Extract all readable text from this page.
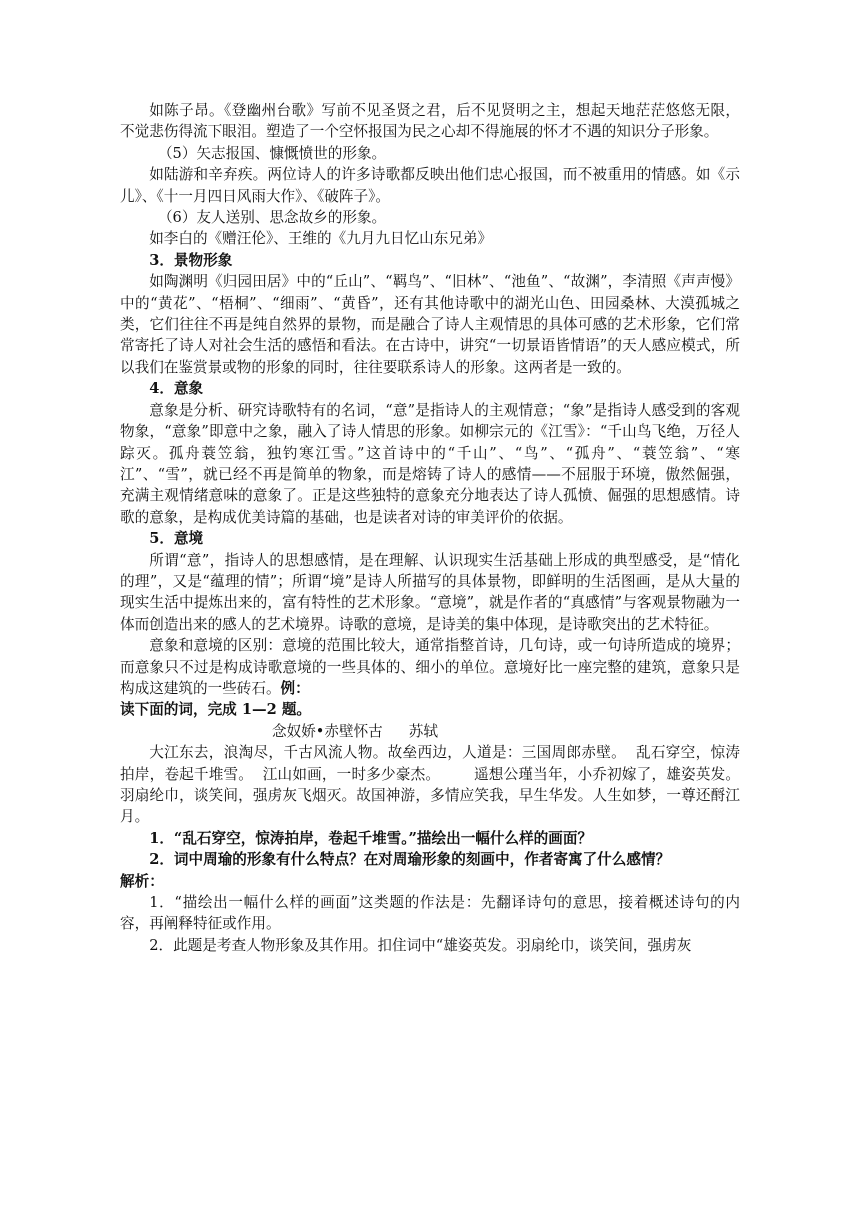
如陈子昂。《登幽州台歌》写前不见圣贤之君，后不见贤明之主，想起天地茫茫悠悠无限，不觉悲伤得流下眼泪。塑造了一个空怀报国为民之心却不得施展的怀才不遇的知识分子形象。

（5）矢志报国、慷慨愤世的形象。

如陆游和辛弃疾。两位诗人的许多诗歌都反映出他们忠心报国，而不被重用的情感。如《示儿》、《十一月四日风雨大作》、《破阵子》。

（6）友人送别、思念故乡的形象。

如李白的《赠汪伦》、王维的《九月九日忆山东兄弟》

3．景物形象

如陶渊明《归园田居》中的“丘山”、“羁鸟”、“旧林”、“池鱼”、“故渊”，李清照《声声慢》中的“黄花”、“梧桐”、“细雨”、“黄昏”，还有其他诗歌中的湖光山色、田园桑林、大漠孤城之类，它们往往不再是纯自然界的景物，而是融合了诗人主观情思的具体可感的艺术形象，它们常常寄托了诗人对社会生活的感悟和看法。在古诗中，讲究“一切景语皆情语”的天人感应模式，所以我们在鉴赏景或物的形象的同时，往往要联系诗人的形象。这两者是一致的。

4．意象

意象是分析、研究诗歌特有的名词，“意”是指诗人的主观情意；“象”是指诗人感受到的客观物象，“意象”即意中之象，融入了诗人情思的形象。如柳宗元的《江雪》：“千山鸟飞绝，万径人踪灭。孤舟蓑笠翁，独钓寒江雪。”这首诗中的“千山”、“鸟”、“孤舟”、“蓑笠翁”、“寒江”、“雪”，就已经不再是简单的物象，而是熔铸了诗人的感情——不屈服于环境，傲然倔强，充满主观情绪意味的意象了。正是这些独特的意象充分地表达了诗人孤愤、倔强的思想感情。诗歌的意象，是构成优美诗篇的基础，也是读者对诗的审美评价的依据。

5．意境

所谓“意”，指诗人的思想感情，是在理解、认识现实生活基础上形成的典型感受，是“情化的理”，又是“蕴理的情”；所谓“境”是诗人所描写的具体景物，即鲜明的生活图画，是从大量的现实生活中提炼出来的，富有特性的艺术形象。“意境”，就是作者的“真感情”与客观景物融为一体而创造出来的感人的艺术境界。诗歌的意境，是诗美的集中体现，是诗歌突出的艺术特征。

意象和意境的区别：意境的范围比较大，通常指整首诗，几句诗，或一句诗所造成的境界；而意象只不过是构成诗歌意境的一些具体的、细小的单位。意境好比一座完整的建筑，意象只是构成这建筑的一些砖石。例：

读下面的词，完成 1—2 题。

念奴娇•赤壁怀古 苏轼

大江东去，浪淘尽，千古风流人物。故垒西边，人道是：三国周郎赤壁。  乱石穿空，惊涛拍岸，卷起千堆雪。  江山如画，一时多少豪杰。       遥想公瑾当年，小乔初嫁了，雄姿英发。羽扇纶巾，谈笑间，强虏灰飞烟灭。故国神游，多情应笑我，早生华发。人生如梦，一尊还酹江月。

1．“乱石穿空，惊涛拍岸，卷起千堆雪。”描绘出一幅什么样的画面？

2．词中周瑜的形象有什么特点？在对周瑜形象的刻画中，作者寄寓了什么感情？

解析：

1．“描绘出一幅什么样的画面”这类题的作法是：先翻译诗句的意思，接着概述诗句的内容，再阐释特征或作用。

2．此题是考查人物形象及其作用。扣住词中“雄姿英发。羽扇纶巾，谈笑间，强虏灰
